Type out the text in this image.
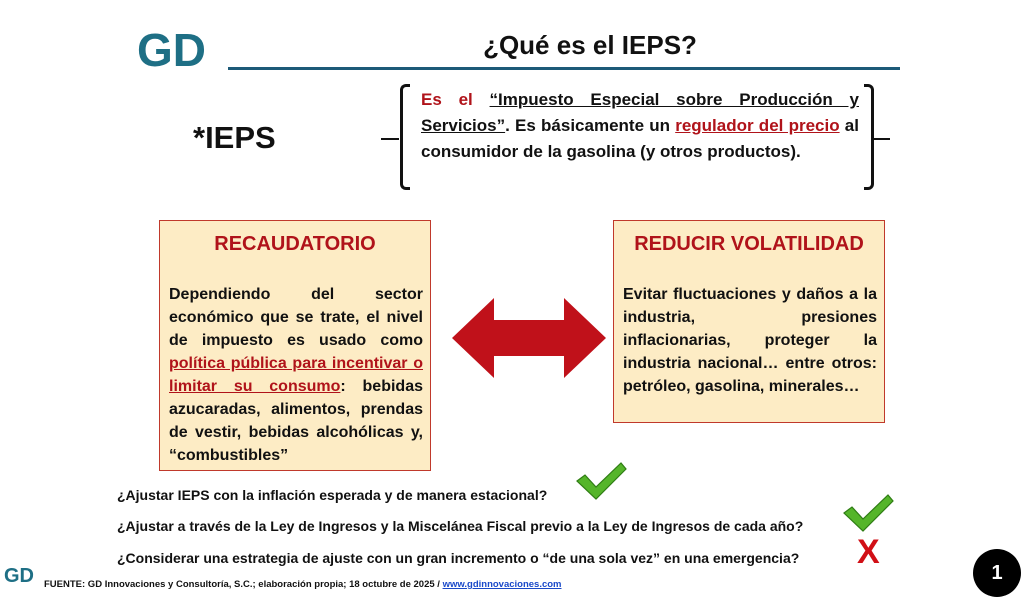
GD	¿Qué es el IEPS?
*IEPS
Es el “Impuesto Especial sobre Producción y Servicios”. Es básicamente un regulador del precio al consumidor de la gasolina (y otros productos).
RECAUDATORIO
Dependiendo del sector económico que se trate, el nivel de impuesto es usado como política pública para incentivar o limitar su consumo: bebidas azucaradas, alimentos, prendas de vestir, bebidas alcohólicas y, “combustibles”
REDUCIR VOLATILIDAD
Evitar fluctuaciones y daños a la industria, presiones inflacionarias, proteger la industria nacional… entre otros: petróleo, gasolina, minerales…
¿Ajustar IEPS con la inflación esperada y de manera estacional?
¿Ajustar a través de la Ley de Ingresos y la Miscelánea Fiscal previo a la Ley de Ingresos de cada año?
¿Considerar una estrategia de ajuste con un gran incremento o “de una sola vez” en una emergencia? X
GD FUENTE: GD Innovaciones y Consultoría, S.C.; elaboración propia; 18 octubre de 2025 / www.gdinnovaciones.com
1
